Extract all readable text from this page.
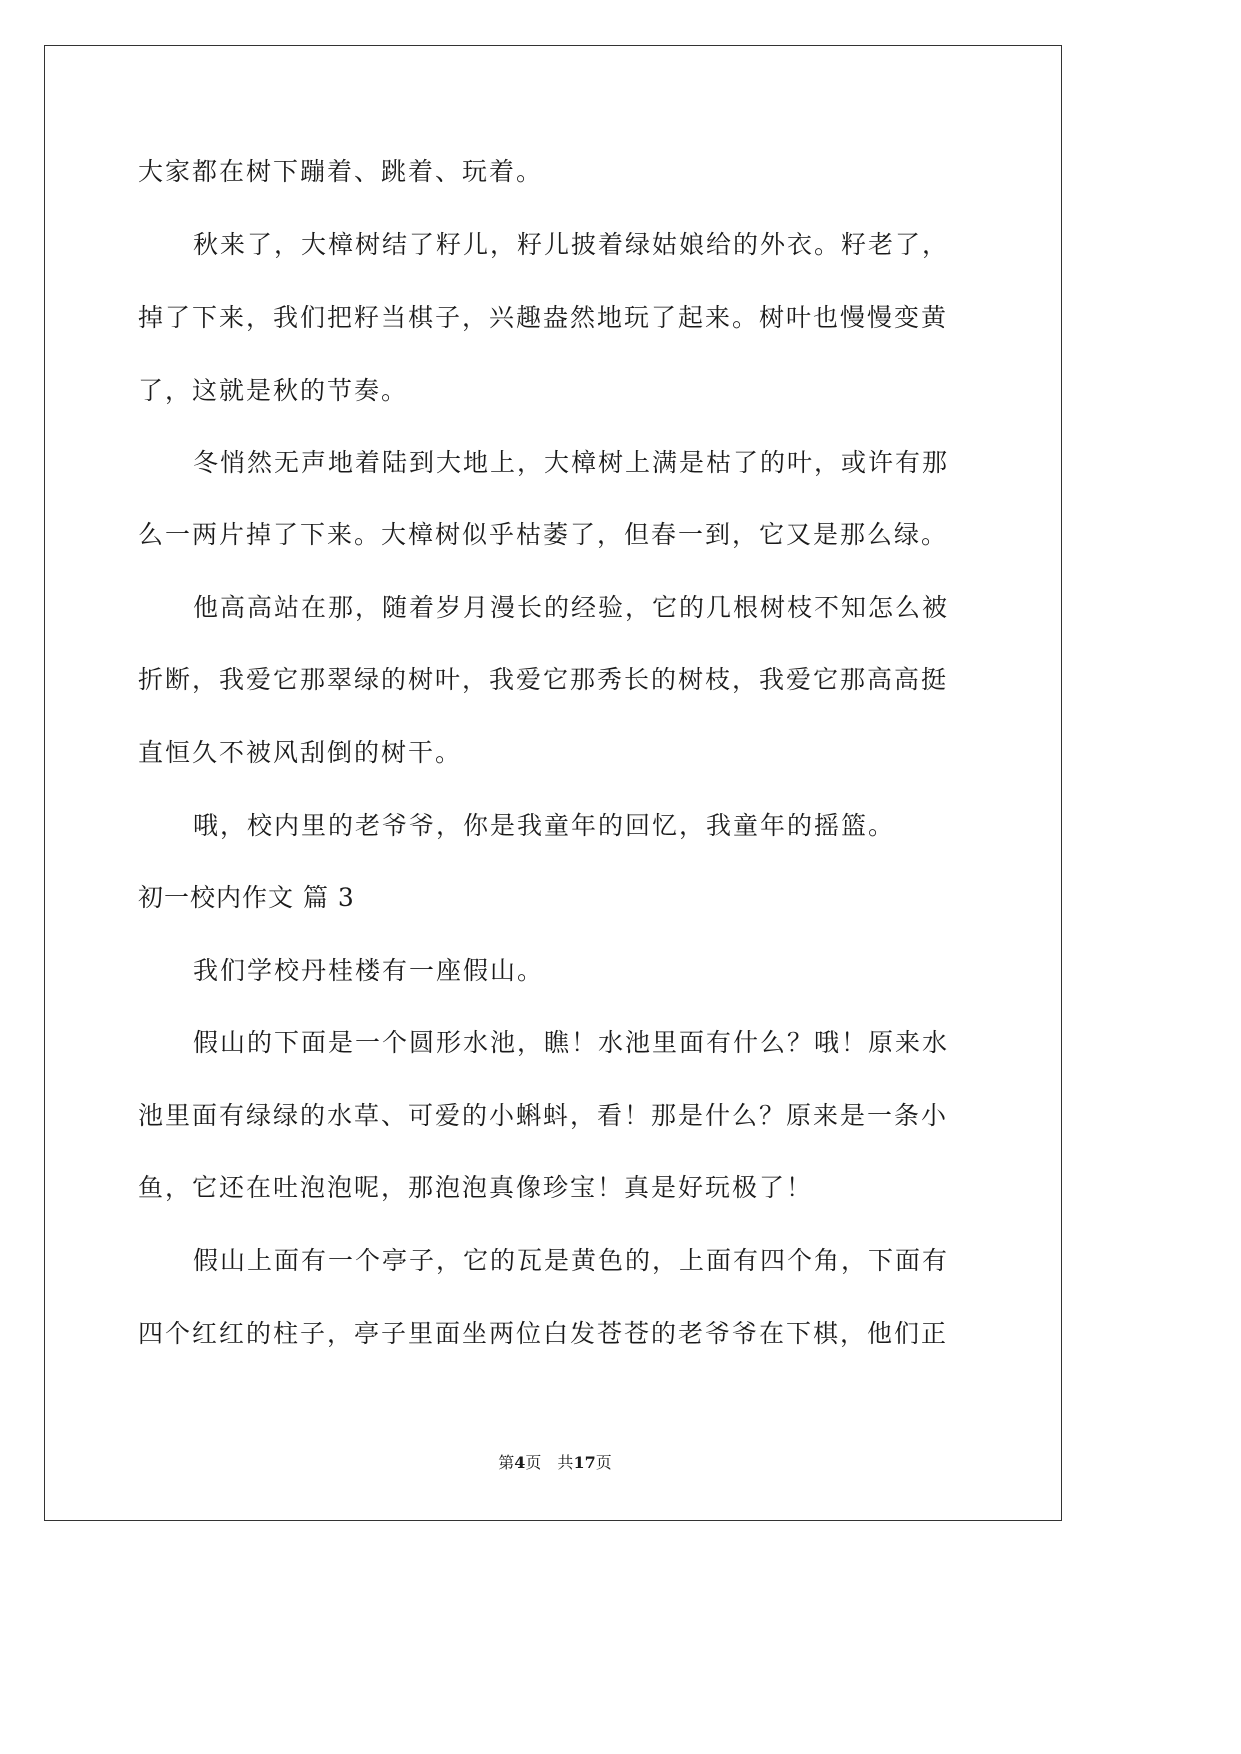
大家都在树下蹦着、跳着、玩着。
秋来了，大樟树结了籽儿，籽儿披着绿姑娘给的外衣。籽老了，
掉了下来，我们把籽当棋子，兴趣盎然地玩了起来。树叶也慢慢变黄
了，这就是秋的节奏。
冬悄然无声地着陆到大地上，大樟树上满是枯了的叶，或许有那
么一两片掉了下来。大樟树似乎枯萎了，但春一到，它又是那么绿。
他高高站在那，随着岁月漫长的经验，它的几根树枝不知怎么被
折断，我爱它那翠绿的树叶，我爱它那秀长的树枝，我爱它那高高挺
直恒久不被风刮倒的树干。
哦，校内里的老爷爷，你是我童年的回忆，我童年的摇篮。
初一校内作文 篇 3
我们学校丹桂楼有一座假山。
假山的下面是一个圆形水池，瞧！水池里面有什么？哦！原来水
池里面有绿绿的水草、可爱的小蝌蚪，看！那是什么？原来是一条小
鱼，它还在吐泡泡呢，那泡泡真像珍宝！真是好玩极了！
假山上面有一个亭子，它的瓦是黄色的，上面有四个角，下面有
四个红红的柱子，亭子里面坐两位白发苍苍的老爷爷在下棋，他们正
第4页　共17页
